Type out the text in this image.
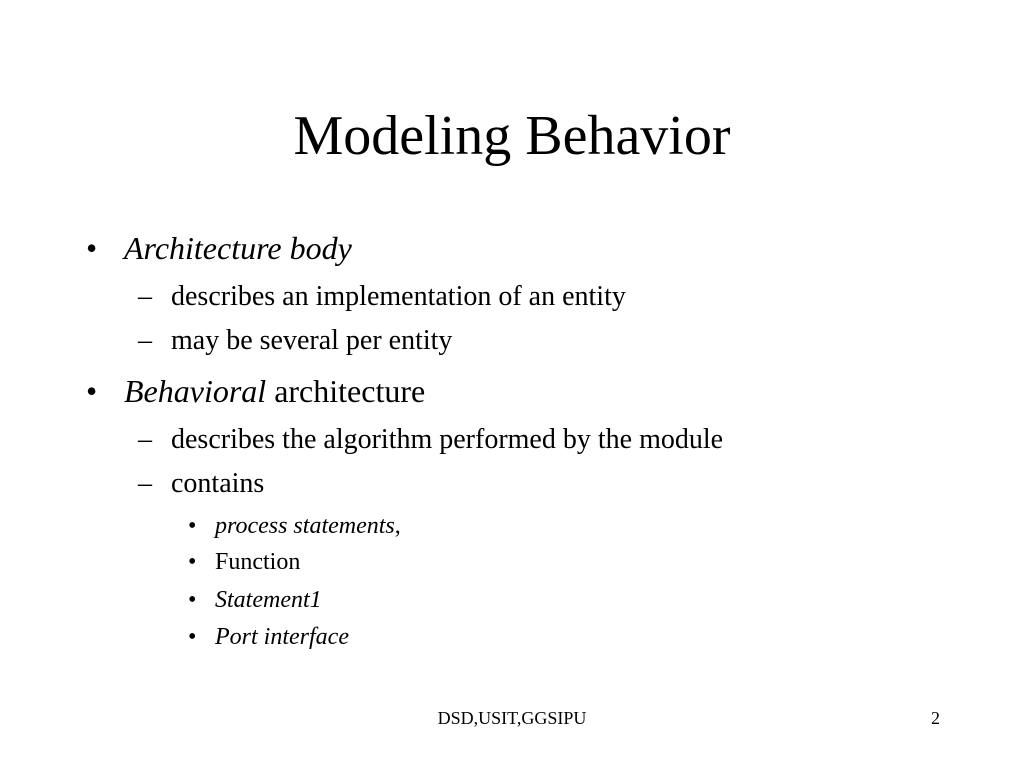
Modeling Behavior
• Architecture body
– describes an implementation of an entity
– may be several per entity
• Behavioral architecture
– describes the algorithm performed by the module
– contains
• process statements,
• Function
• Statement1
• Port interface
DSD,USIT,GGSIPU	2
